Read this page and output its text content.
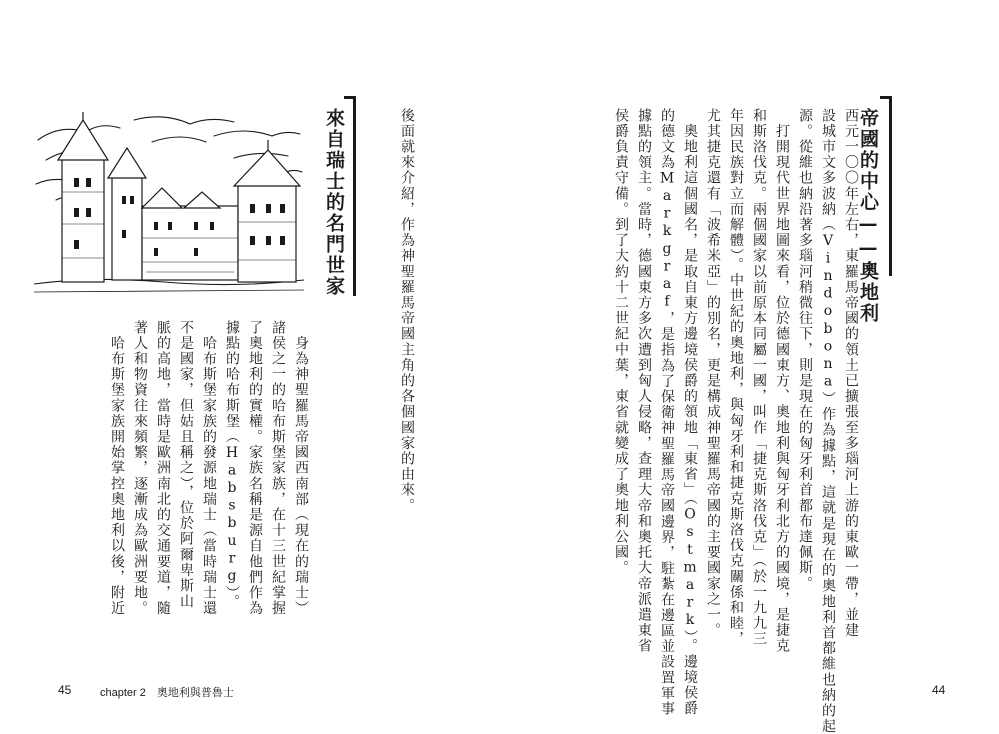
帝國的中心——奧地利
西元一〇〇年左右，東羅馬帝國的領土已擴張至多瑙河上游的東歐一帶，並建
設城市文多波納（Vindobona）作為據點，這就是現在的奧地利首都維也納的起
源。從維也納沿著多瑙河稍微往下，則是現在的匈牙利首都布達佩斯。
　打開現代世界地圖來看，位於德國東方、奧地利與匈牙利北方的國境，是捷克
和斯洛伐克。兩個國家以前原本同屬一國，叫作「捷克斯洛伐克」（於一九九三
年因民族對立而解體）。中世紀的奧地利，與匈牙利和捷克斯洛伐克關係和睦，
尤其捷克還有「波希米亞」的別名，更是構成神聖羅馬帝國的主要國家之一。
　奧地利這個國名，是取自東方邊境侯爵的領地「東省」（Ostmark）。邊境侯爵
的德文為Markgraf，是指為了保衛神聖羅馬帝國邊界，駐紮在邊區並設置軍事
據點的領主。當時，德國東方多次遭到匈人侵略，查理大帝和奧托大帝派遣東省
侯爵負責守備。到了大約十二世紀中葉，東省就變成了奧地利公國。
44
後面就來介紹，作為神聖羅馬帝國主角的各個國家的由來。
來自瑞士的名門世家
　身為神聖羅馬帝國西南部（現在的瑞士）
諸侯之一的哈布斯堡家族，在十三世紀掌握
了奧地利的實權。家族名稱是源自他們作為
據點的哈布斯堡（Habsburg）。
　哈布斯堡家族的發源地瑞士（當時瑞士還
不是國家，但姑且稱之），位於阿爾卑斯山
脈的高地，當時是歐洲南北的交通要道，隨
著人和物資往來頻繁，逐漸成為歐洲要地。
　哈布斯堡家族開始掌控奧地利以後，附近
45	chapter 2　奧地利與普魯士
